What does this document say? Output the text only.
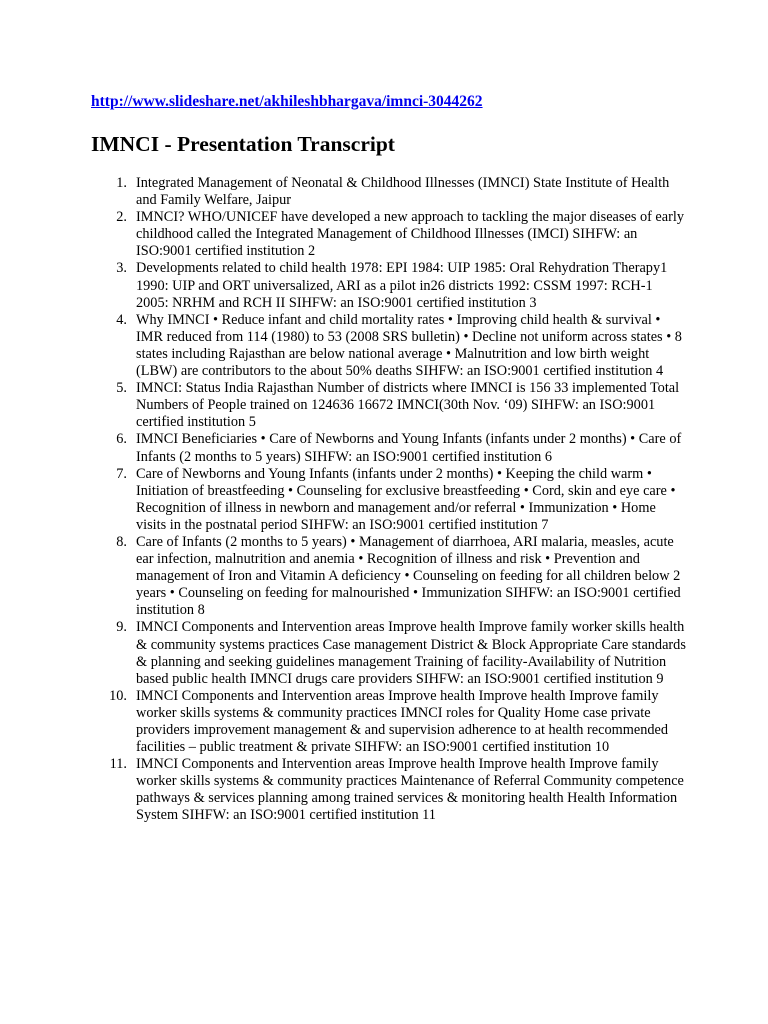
http://www.slideshare.net/akhileshbhargava/imnci-3044262
IMNCI - Presentation Transcript
1. Integrated Management of Neonatal & Childhood Illnesses (IMNCI) State Institute of Health and Family Welfare, Jaipur
2. IMNCI? WHO/UNICEF have developed a new approach to tackling the major diseases of early childhood called the Integrated Management of Childhood Illnesses (IMCI) SIHFW: an ISO:9001 certified institution 2
3. Developments related to child health 1978: EPI 1984: UIP 1985: Oral Rehydration Therapy1 1990: UIP and ORT universalized, ARI as a pilot in26 districts 1992: CSSM 1997: RCH-1 2005: NRHM and RCH II SIHFW: an ISO:9001 certified institution 3
4. Why IMNCI • Reduce infant and child mortality rates • Improving child health & survival • IMR reduced from 114 (1980) to 53 (2008 SRS bulletin) • Decline not uniform across states • 8 states including Rajasthan are below national average • Malnutrition and low birth weight (LBW) are contributors to the about 50% deaths SIHFW: an ISO:9001 certified institution 4
5. IMNCI: Status India Rajasthan Number of districts where IMNCI is 156 33 implemented Total Numbers of People trained on 124636 16672 IMNCI(30th Nov. ‘09) SIHFW: an ISO:9001 certified institution 5
6. IMNCI Beneficiaries • Care of Newborns and Young Infants (infants under 2 months) • Care of Infants (2 months to 5 years) SIHFW: an ISO:9001 certified institution 6
7. Care of Newborns and Young Infants (infants under 2 months) • Keeping the child warm • Initiation of breastfeeding • Counseling for exclusive breastfeeding • Cord, skin and eye care • Recognition of illness in newborn and management and/or referral • Immunization • Home visits in the postnatal period SIHFW: an ISO:9001 certified institution 7
8. Care of Infants (2 months to 5 years) • Management of diarrhoea, ARI malaria, measles, acute ear infection, malnutrition and anemia • Recognition of illness and risk • Prevention and management of Iron and Vitamin A deficiency • Counseling on feeding for all children below 2 years • Counseling on feeding for malnourished • Immunization SIHFW: an ISO:9001 certified institution 8
9. IMNCI Components and Intervention areas Improve health Improve family worker skills health & community systems practices Case management District & Block Appropriate Care standards & planning and seeking guidelines management Training of facility-Availability of Nutrition based public health IMNCI drugs care providers SIHFW: an ISO:9001 certified institution 9
10. IMNCI Components and Intervention areas Improve health Improve health Improve family worker skills systems & community practices IMNCI roles for Quality Home case private providers improvement management & and supervision adherence to at health recommended facilities – public treatment & private SIHFW: an ISO:9001 certified institution 10
11. IMNCI Components and Intervention areas Improve health Improve health Improve family worker skills systems & community practices Maintenance of Referral Community competence pathways & services planning among trained services & monitoring health Health Information System SIHFW: an ISO:9001 certified institution 11
